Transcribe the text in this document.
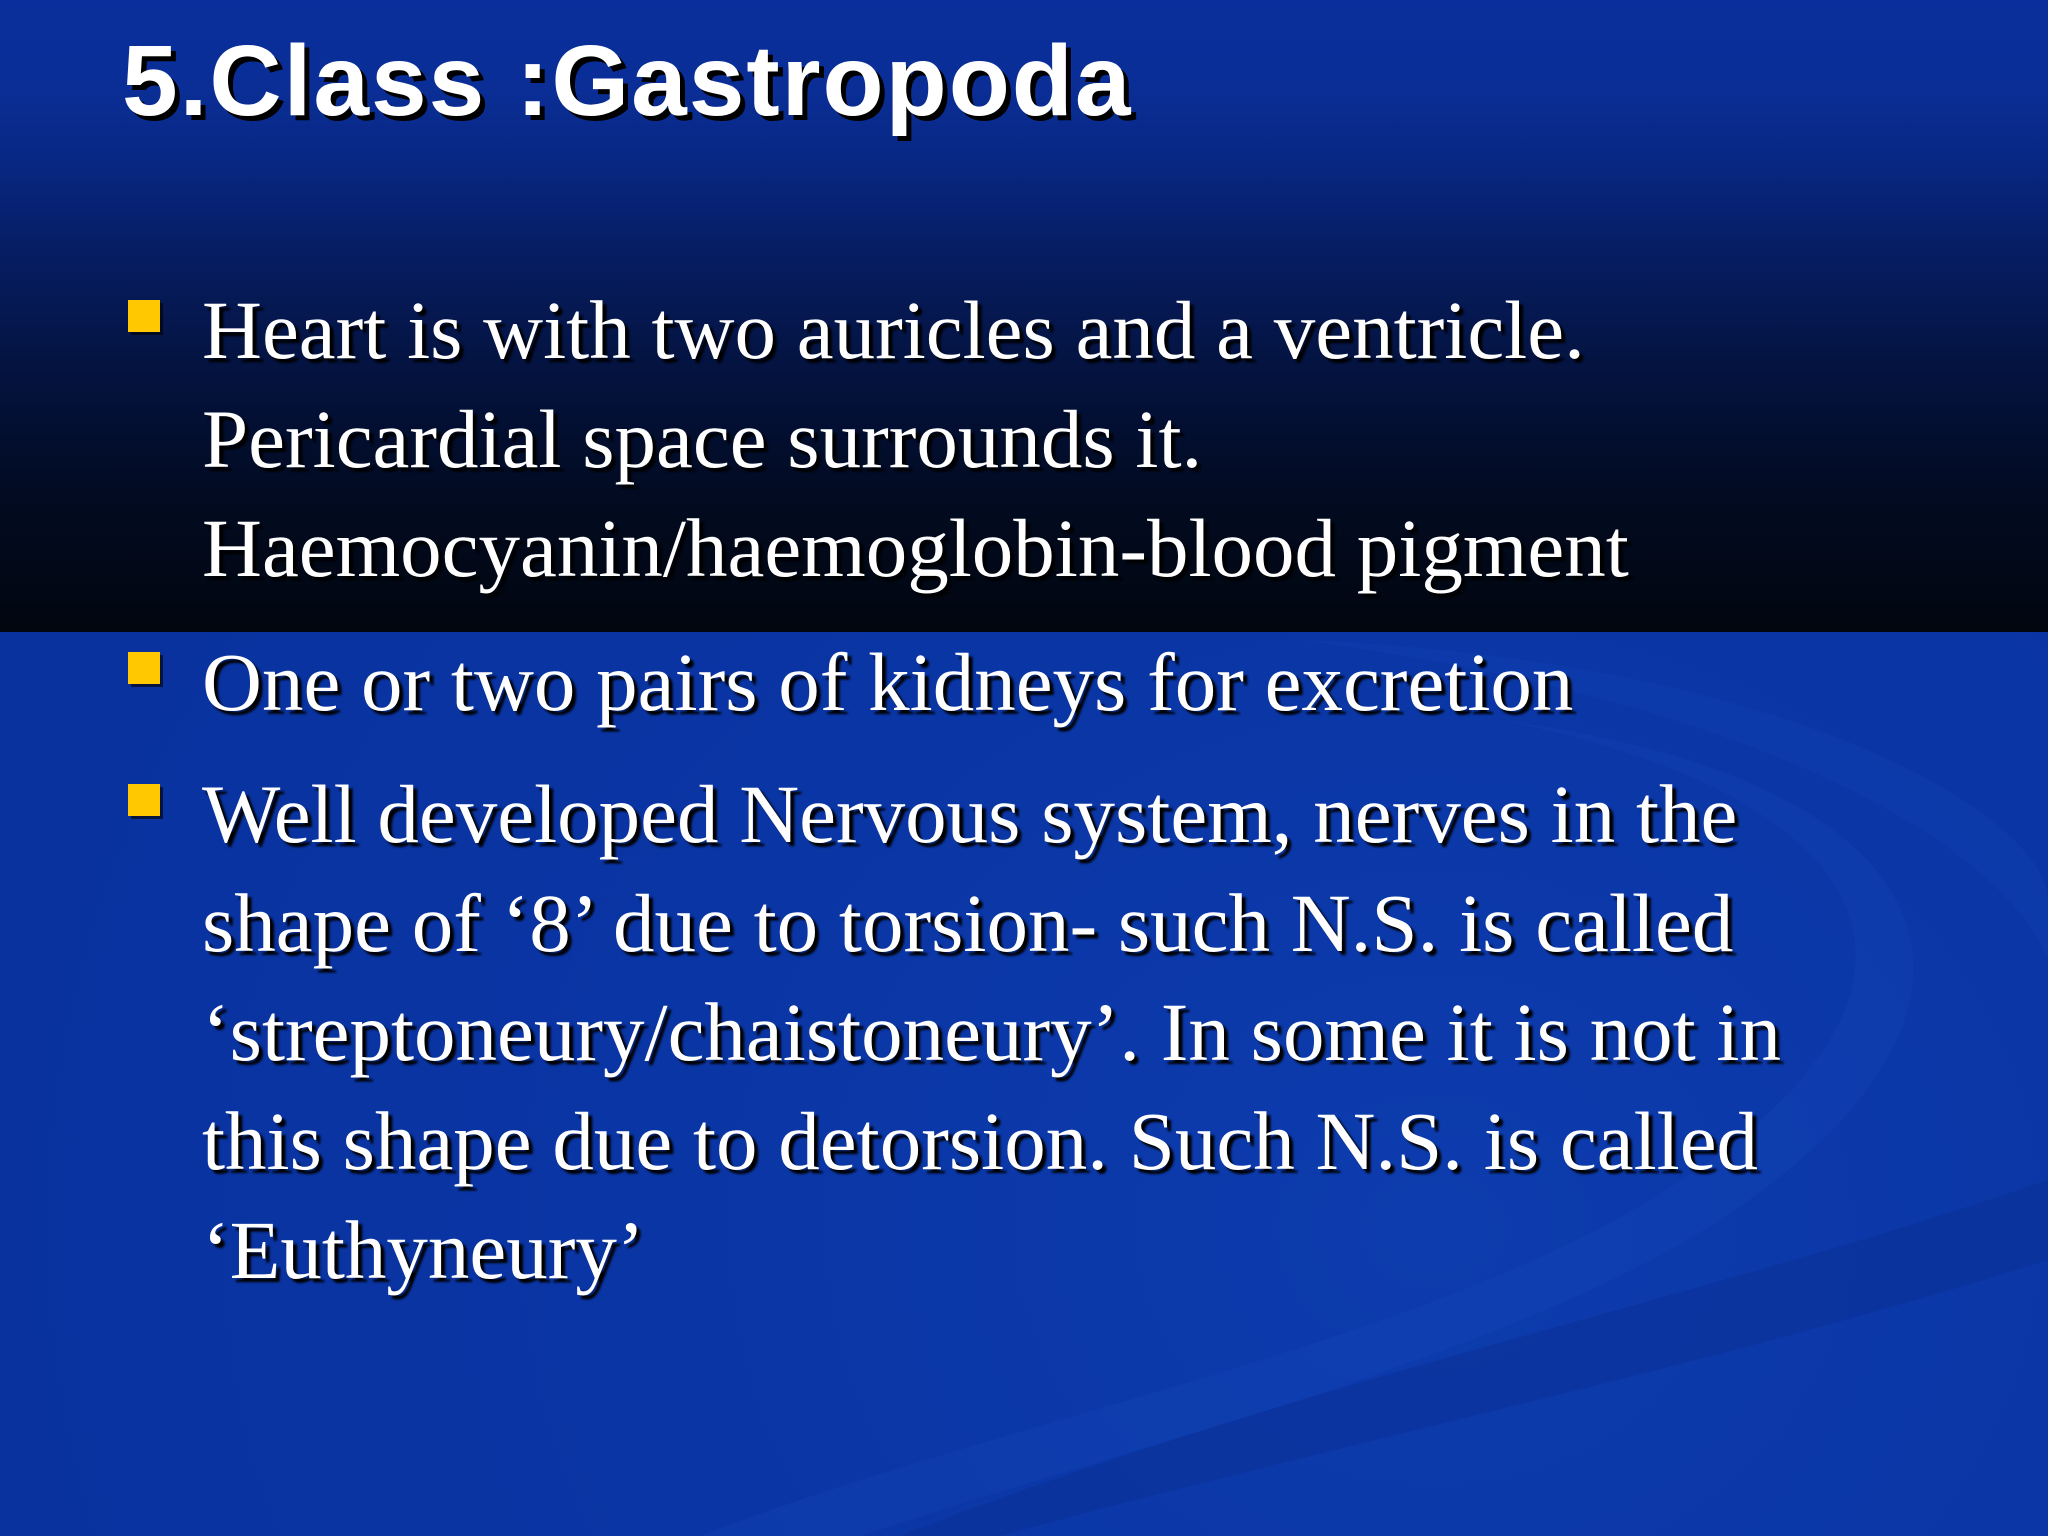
5.Class :Gastropoda

Heart is with two auricles and a ventricle.

Pericardial space surrounds it.

Haemocyanin/haemoglobin-blood pigment

One or two pairs of kidneys for excretion

Well developed Nervous system, nerves in the

shape of ‘8’ due to torsion- such N.S. is called

‘streptoneury/chaistoneury’. In some it is not in

this shape due to detorsion. Such N.S. is called

‘Euthyneury’
